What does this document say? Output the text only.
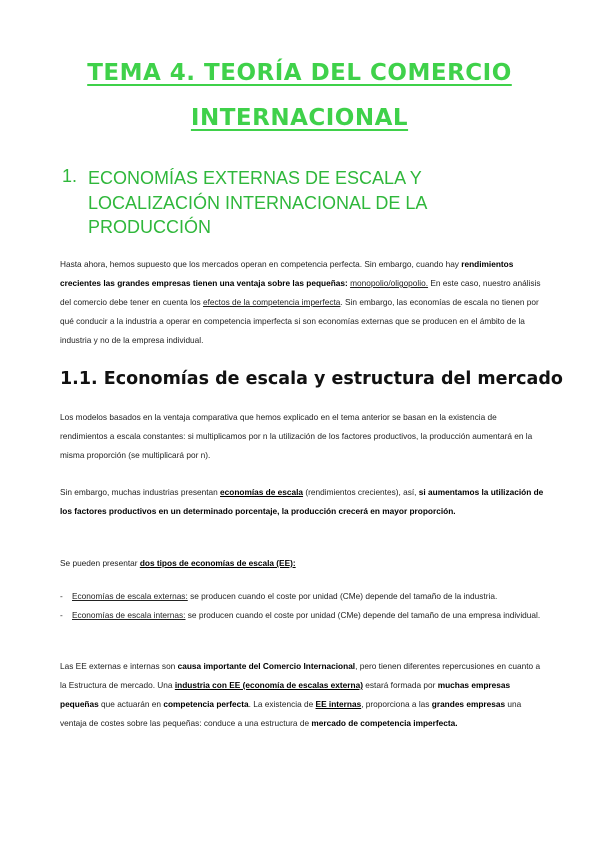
TEMA 4. TEORÍA DEL COMERCIO
INTERNACIONAL
1. ECONOMÍAS EXTERNAS DE ESCALA Y LOCALIZACIÓN INTERNACIONAL DE LA PRODUCCIÓN

Hasta ahora, hemos supuesto que los mercados operan en competencia perfecta. Sin embargo, cuando hay rendimientos crecientes las grandes empresas tienen una ventaja sobre las pequeñas: monopolio/oligopolio. En este caso, nuestro análisis del comercio debe tener en cuenta los efectos de la competencia imperfecta. Sin embargo, las economías de escala no tienen por qué conducir a la industria a operar en competencia imperfecta si son economías externas que se producen en el ámbito de la industria y no de la empresa individual.

1.1. Economías de escala y estructura del mercado

Los modelos basados en la ventaja comparativa que hemos explicado en el tema anterior se basan en la existencia de rendimientos a escala constantes: si multiplicamos por n la utilización de los factores productivos, la producción aumentará en la misma proporción (se multiplicará por n).

Sin embargo, muchas industrias presentan economías de escala (rendimientos crecientes), así, si aumentamos la utilización de los factores productivos en un determinado porcentaje, la producción crecerá en mayor proporción.

Se pueden presentar dos tipos de economías de escala (EE):

- Economías de escala externas: se producen cuando el coste por unidad (CMe) depende del tamaño de la industria.
- Economías de escala internas: se producen cuando el coste por unidad (CMe) depende del tamaño de una empresa individual.

Las EE externas e internas son causa importante del Comercio Internacional, pero tienen diferentes repercusiones en cuanto a la Estructura de mercado. Una industria con EE (economía de escalas externa) estará formada por muchas empresas pequeñas que actuarán en competencia perfecta. La existencia de EE internas, proporciona a las grandes empresas una ventaja de costes sobre las pequeñas: conduce a una estructura de mercado de competencia imperfecta.
